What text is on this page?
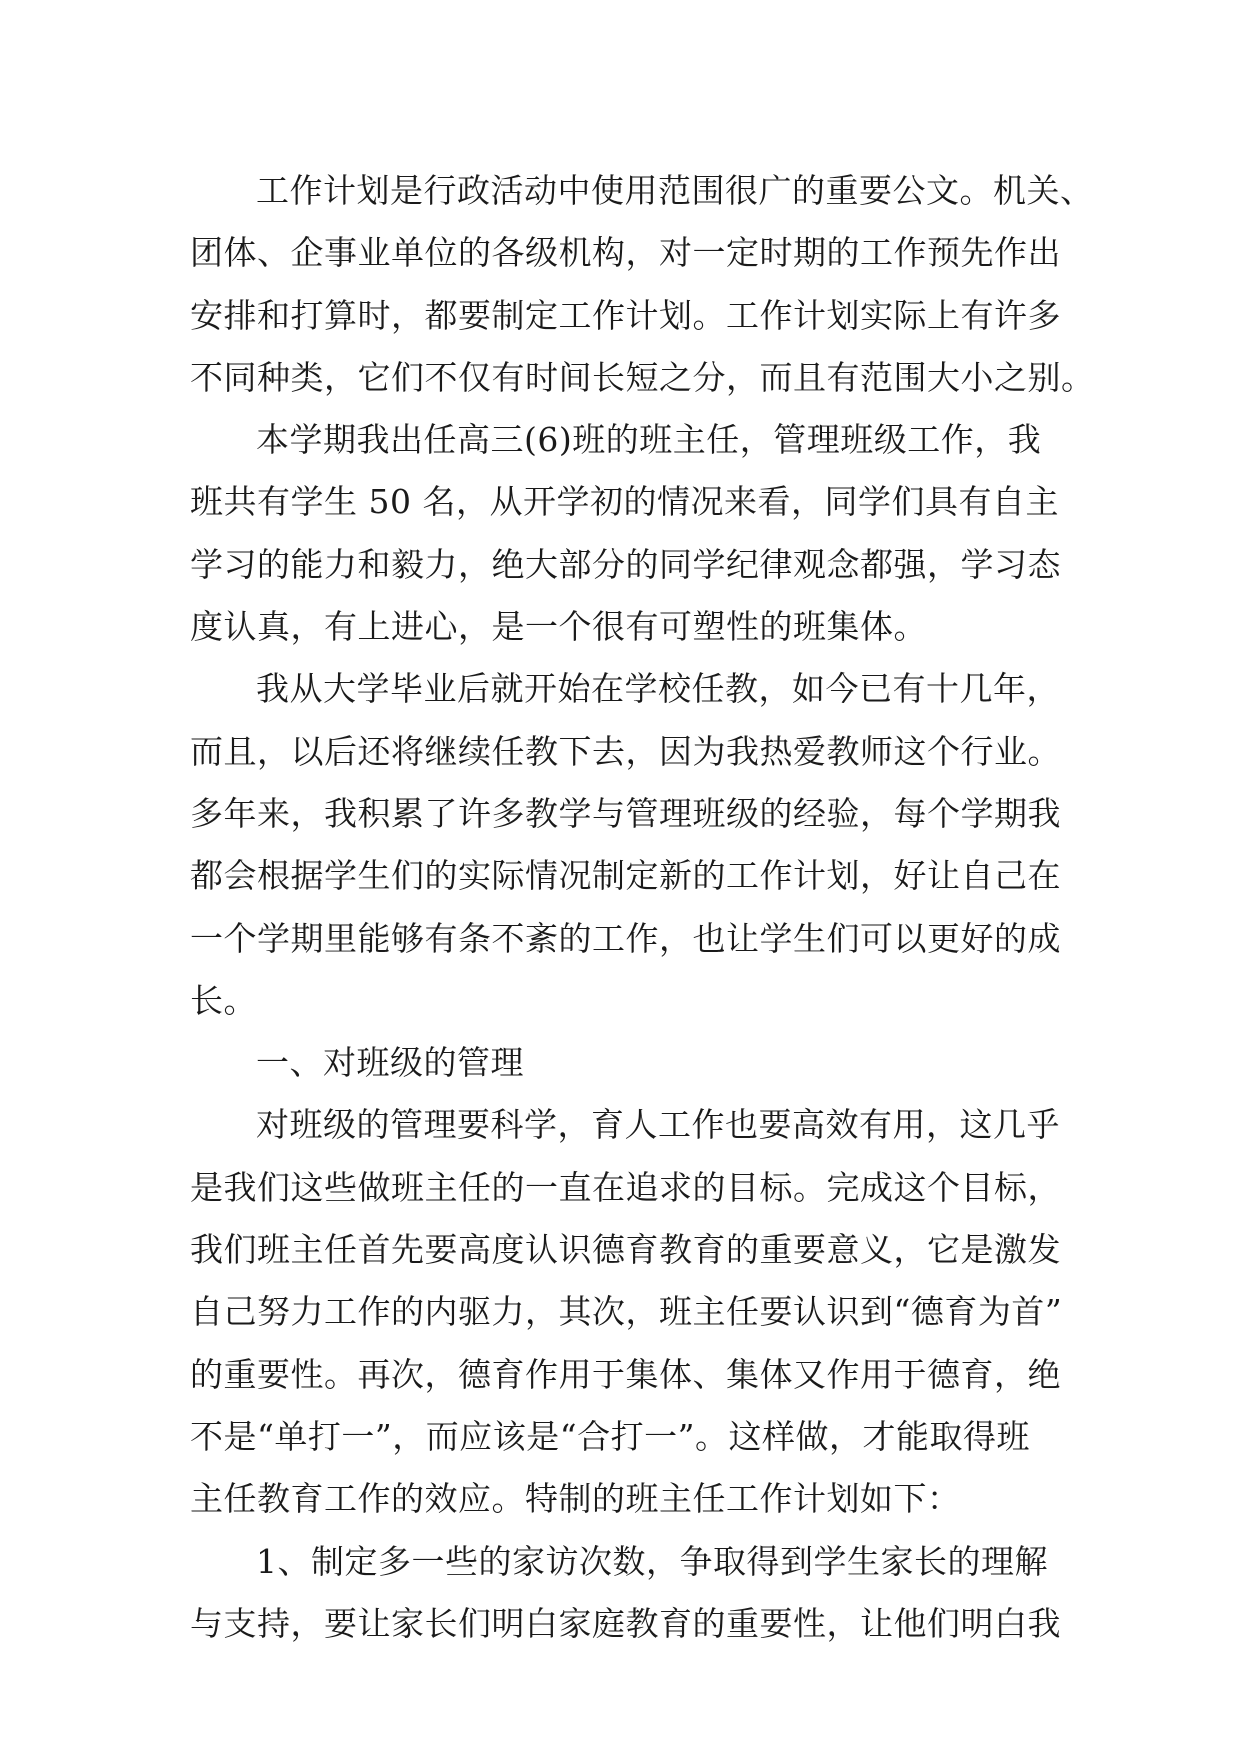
工作计划是行政活动中使用范围很广的重要公文。机关、
团体、企事业单位的各级机构，对一定时期的工作预先作出
安排和打算时，都要制定工作计划。工作计划实际上有许多
不同种类，它们不仅有时间长短之分，而且有范围大小之别。
本学期我出任高三(6)班的班主任，管理班级工作，我
班共有学生 50 名，从开学初的情况来看，同学们具有自主
学习的能力和毅力，绝大部分的同学纪律观念都强，学习态
度认真，有上进心，是一个很有可塑性的班集体。
我从大学毕业后就开始在学校任教，如今已有十几年，
而且，以后还将继续任教下去，因为我热爱教师这个行业。
多年来，我积累了许多教学与管理班级的经验，每个学期我
都会根据学生们的实际情况制定新的工作计划，好让自己在
一个学期里能够有条不紊的工作，也让学生们可以更好的成
长。
一、对班级的管理
对班级的管理要科学，育人工作也要高效有用，这几乎
是我们这些做班主任的一直在追求的目标。完成这个目标，
我们班主任首先要高度认识德育教育的重要意义，它是激发
自己努力工作的内驱力，其次，班主任要认识到“德育为首”
的重要性。再次，德育作用于集体、集体又作用于德育，绝
不是“单打一”，而应该是“合打一”。这样做，才能取得班
主任教育工作的效应。特制的班主任工作计划如下：
1、制定多一些的家访次数，争取得到学生家长的理解
与支持，要让家长们明白家庭教育的重要性，让他们明白我
